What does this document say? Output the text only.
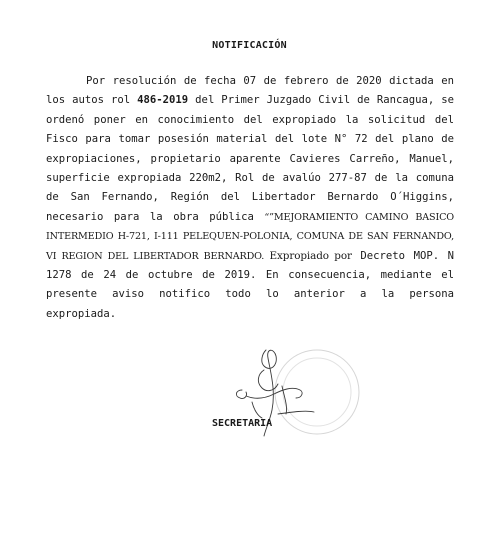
NOTIFICACIÓN
Por resolución de fecha 07 de febrero de 2020 dictada en los autos rol 486-2019 del Primer Juzgado Civil de Rancagua, se ordenó poner en conocimiento del expropiado la solicitud del Fisco para tomar posesión material del lote N° 72 del plano de expropiaciones, propietario aparente Cavieres Carreño, Manuel, superficie expropiada 220m2, Rol de avalúo 277-87 de la comuna de San Fernando, Región del Libertador Bernardo O´Higgins, necesario para la obra pública “”MEJORAMIENTO CAMINO BASICO INTERMEDIO H-721, I-111 PELEQUEN-POLONIA, COMUNA DE SAN FERNANDO, VI REGION DEL LIBERTADOR BERNARDO. Expropiado por Decreto MOP. N 1278 de 24 de octubre de 2019. En consecuencia, mediante el presente aviso notifico todo lo anterior a la persona expropiada.
SECRETARIA
